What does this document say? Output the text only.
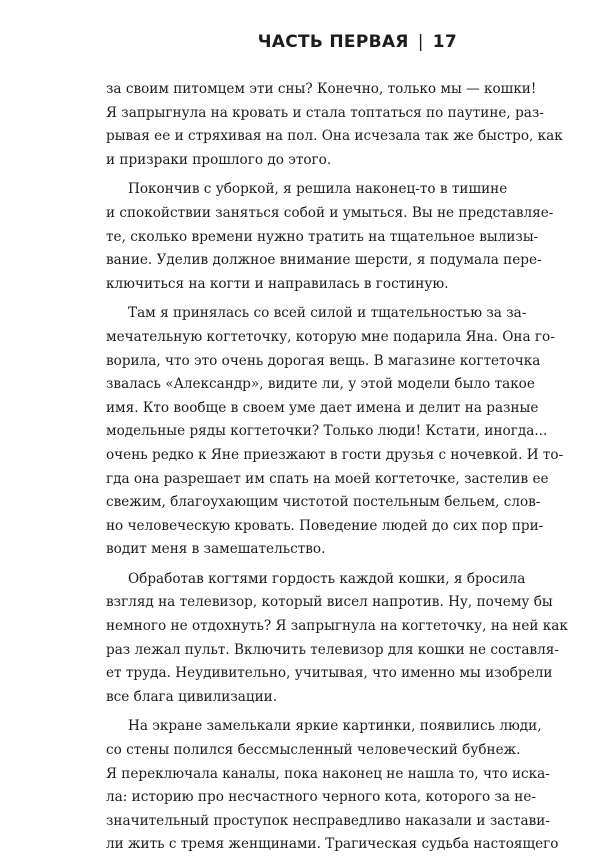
ЧАСТЬ ПЕРВАЯ | 17
за своим питомцем эти сны? Конечно, только мы — кошки!
Я запрыгнула на кровать и стала топтаться по паутине, раз-
рывая ее и стряхивая на пол. Она исчезала так же быстро, как
и призраки прошлого до этого.
Покончив с уборкой, я решила наконец-то в тишине
и спокойствии заняться собой и умыться. Вы не представляе-
те, сколько времени нужно тратить на тщательное вылизы-
вание. Уделив должное внимание шерсти, я подумала пере-
ключиться на когти и направилась в гостиную.
Там я принялась со всей силой и тщательностью за за-
мечательную когтеточку, которую мне подарила Яна. Она го-
ворила, что это очень дорогая вещь. В магазине когтеточка
звалась «Александр», видите ли, у этой модели было такое
имя. Кто вообще в своем уме дает имена и делит на разные
модельные ряды когтеточки? Только люди! Кстати, иногда...
очень редко к Яне приезжают в гости друзья с ночевкой. И то-
гда она разрешает им спать на моей когтеточке, застелив ее
свежим, благоухающим чистотой постельным бельем, слов-
но человеческую кровать. Поведение людей до сих пор при-
водит меня в замешательство.
Обработав когтями гордость каждой кошки, я бросила
взгляд на телевизор, который висел напротив. Ну, почему бы
немного не отдохнуть? Я запрыгнула на когтеточку, на ней как
раз лежал пульт. Включить телевизор для кошки не составля-
ет труда. Неудивительно, учитывая, что именно мы изобрели
все блага цивилизации.
На экране замелькали яркие картинки, появились люди,
со стены полился бессмысленный человеческий бубнеж.
Я переключала каналы, пока наконец не нашла то, что иска-
ла: историю про несчастного черного кота, которого за не-
значительный проступок несправедливо наказали и застави-
ли жить с тремя женщинами. Трагическая судьба настоящего
